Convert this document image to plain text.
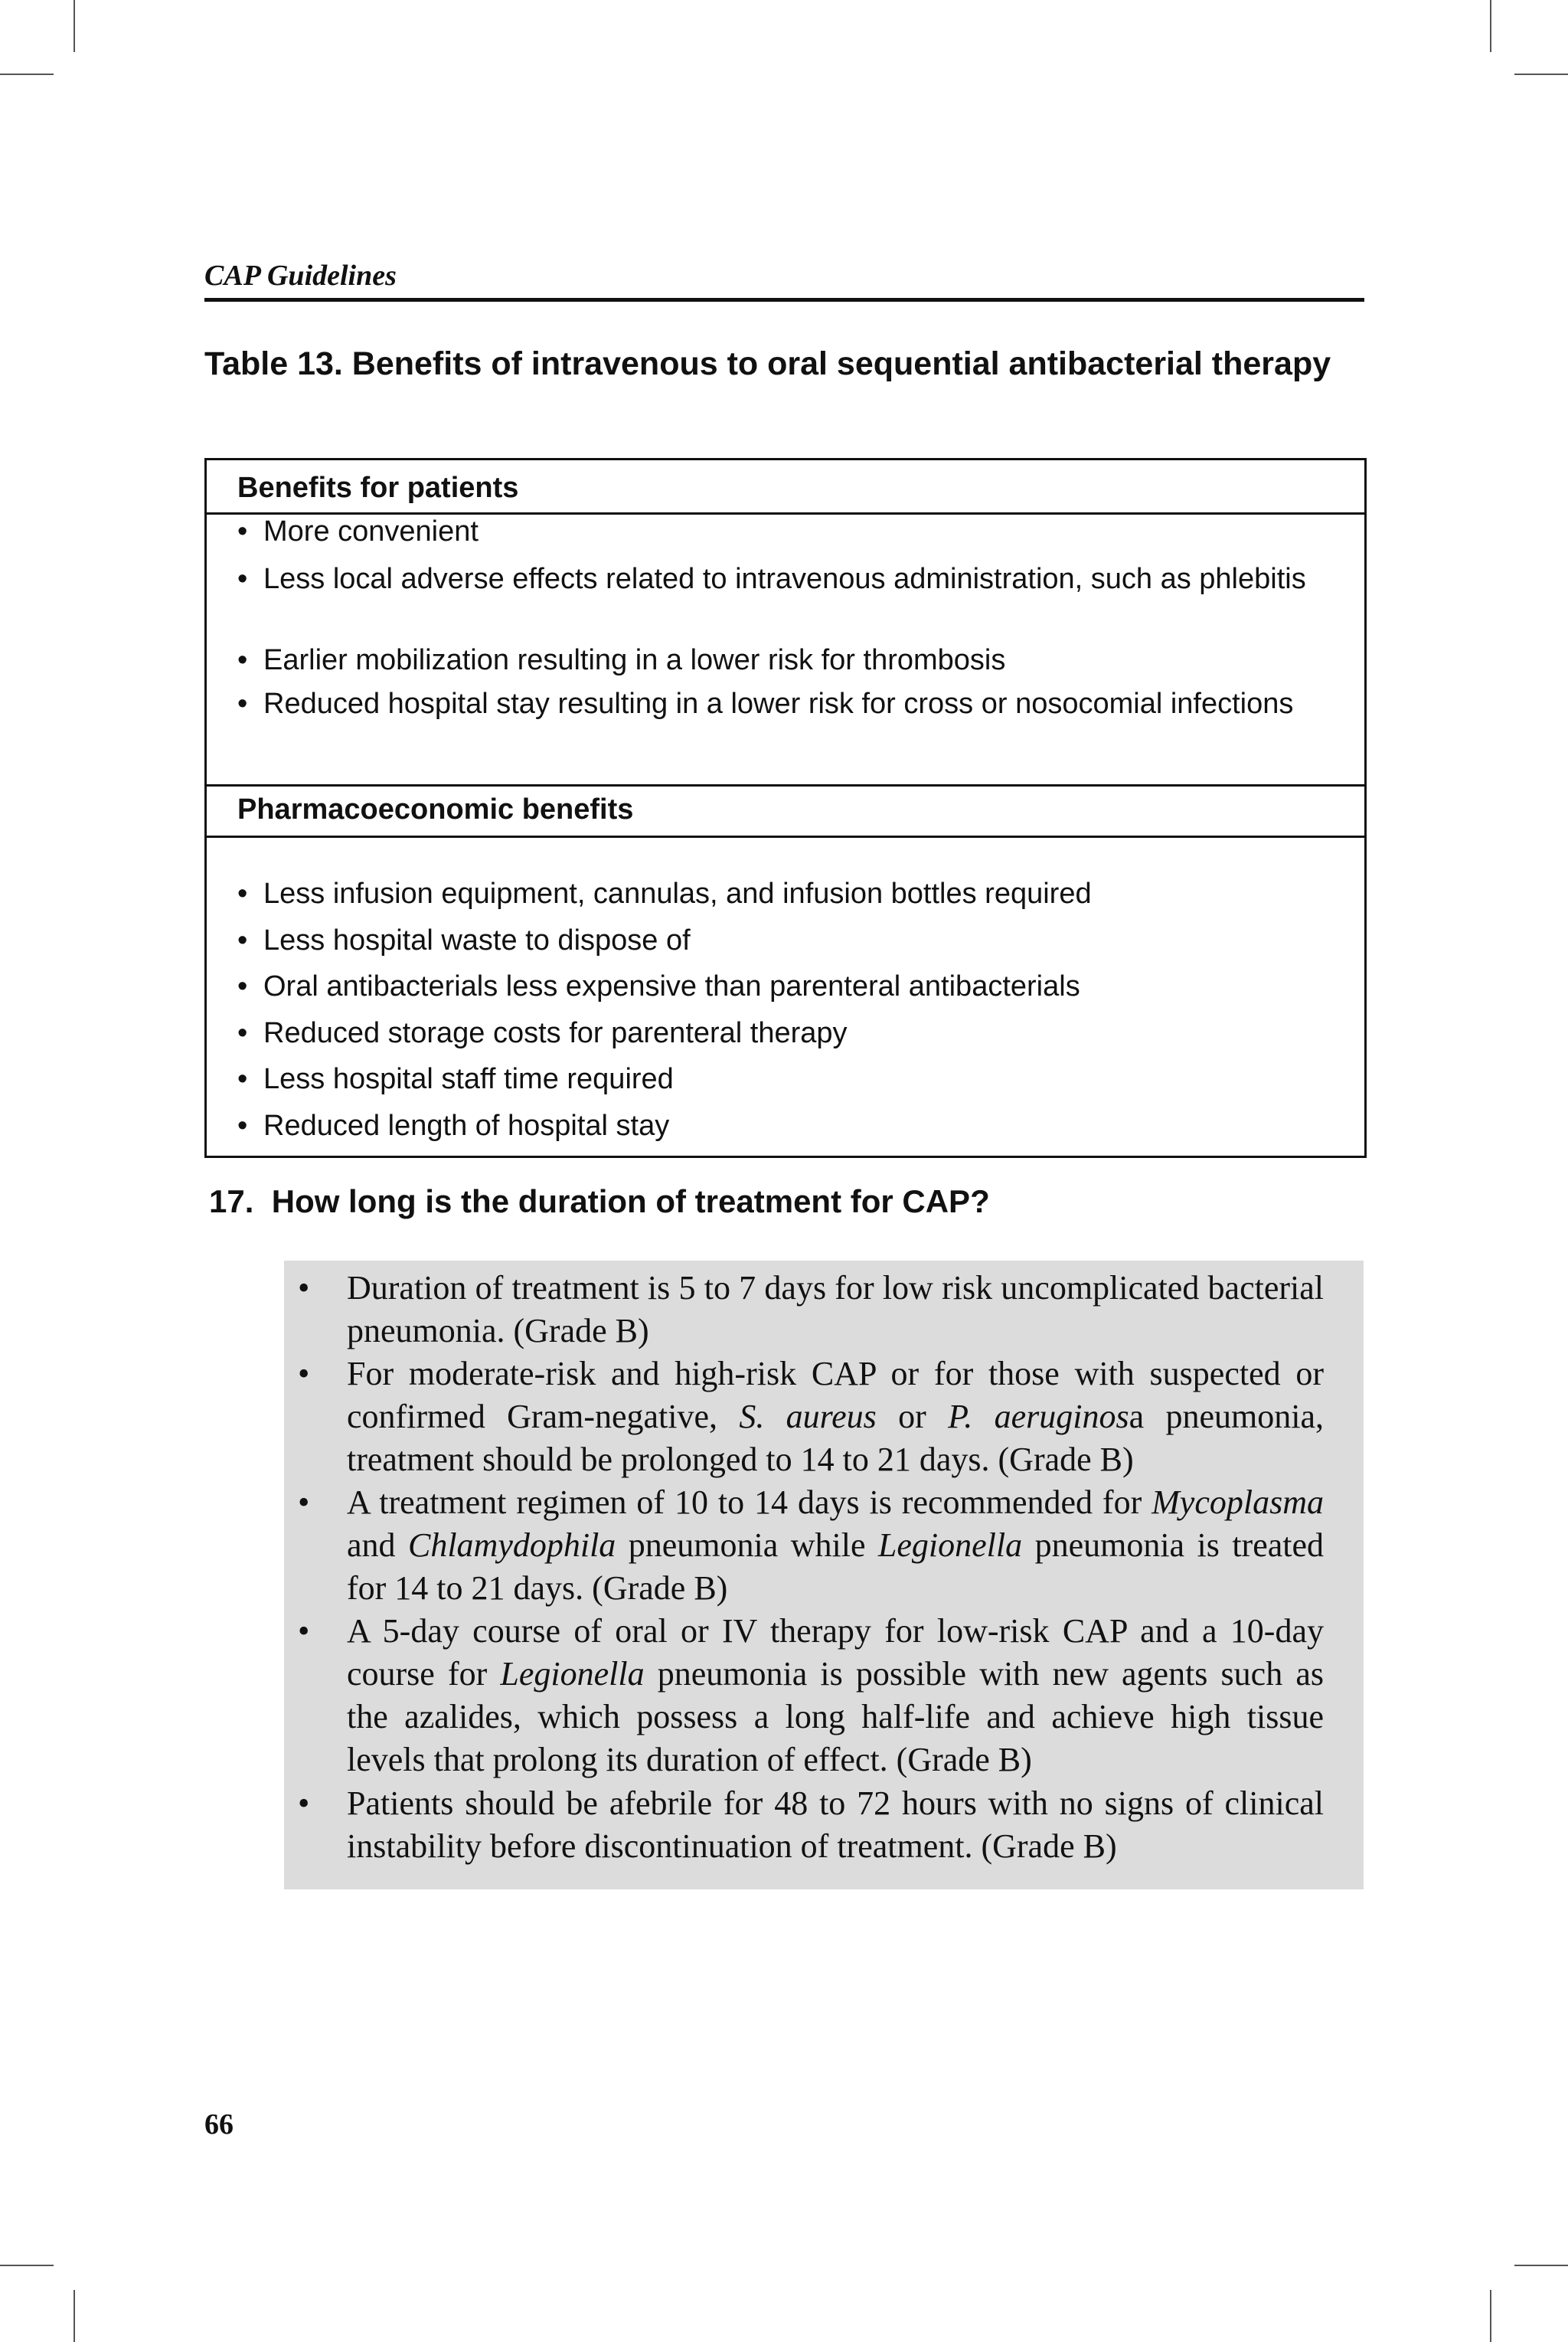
CAP Guidelines
Table 13. Benefits of intravenous to oral sequential antibacterial therapy
Benefits for patients
• More convenient
• Less local adverse effects related to intravenous administration, such as phlebitis
• Earlier mobilization resulting in a lower risk for thrombosis
• Reduced hospital stay resulting in a lower risk for cross or nosocomial infections
Pharmacoeconomic benefits
• Less infusion equipment, cannulas, and infusion bottles required
• Less hospital waste to dispose of
• Oral antibacterials less expensive than parenteral antibacterials
• Reduced storage costs for parenteral therapy
• Less hospital staff time required
• Reduced length of hospital stay
17. How long is the duration of treatment for CAP?
• Duration of treatment is 5 to 7 days for low risk uncomplicated bacterial pneumonia. (Grade B)
• For moderate-risk and high-risk CAP or for those with suspected or confirmed Gram-negative, S. aureus or P. aeruginosa pneumonia, treatment should be prolonged to 14 to 21 days. (Grade B)
• A treatment regimen of 10 to 14 days is recommended for Mycoplasma and Chlamydophila pneumonia while Legionella pneumonia is treated for 14 to 21 days. (Grade B)
• A 5-day course of oral or IV therapy for low-risk CAP and a 10-day course for Legionella pneumonia is possible with new agents such as the azalides, which possess a long half-life and achieve high tissue levels that prolong its duration of effect. (Grade B)
• Patients should be afebrile for 48 to 72 hours with no signs of clinical instability before discontinuation of treatment. (Grade B)
66
